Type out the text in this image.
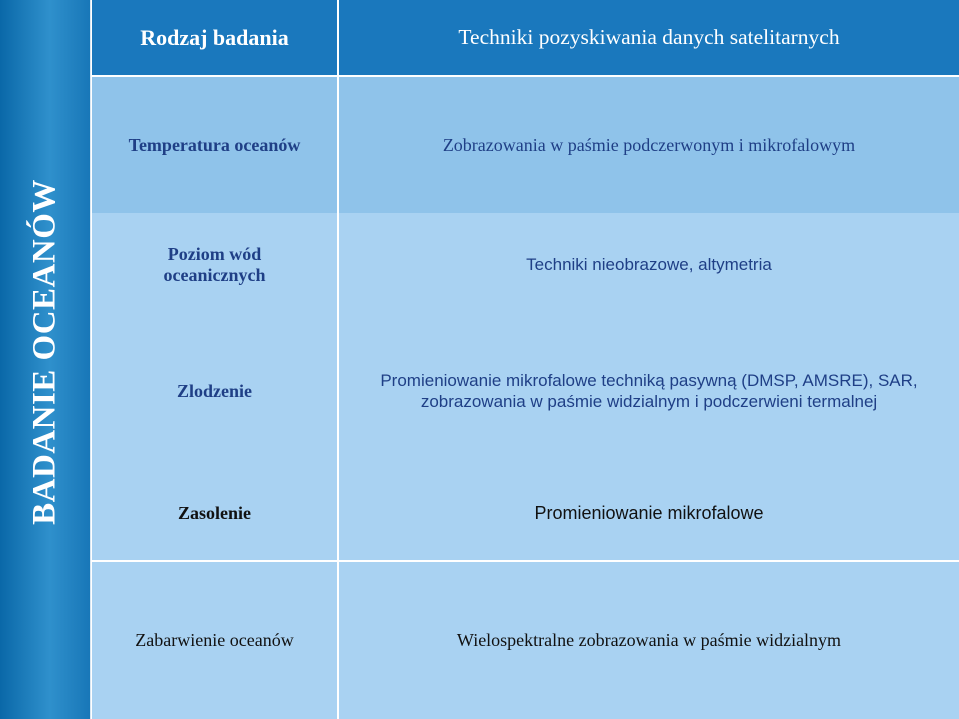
BADANIE OCEANÓW
Rodzaj badania	Techniki pozyskiwania danych satelitarnych
Temperatura oceanów	Zobrazowania w paśmie podczerwonym i mikrofalowym
Poziom wód oceanicznych	Techniki nieobrazowe, altymetria
Zlodzenie	Promieniowanie mikrofalowe techniką pasywną (DMSP, AMSRE), SAR, zobrazowania w paśmie widzialnym i podczerwieni termalnej
Zasolenie	Promieniowanie mikrofalowe
Zabarwienie oceanów	Wielospektralne zobrazowania w paśmie widzialnym
